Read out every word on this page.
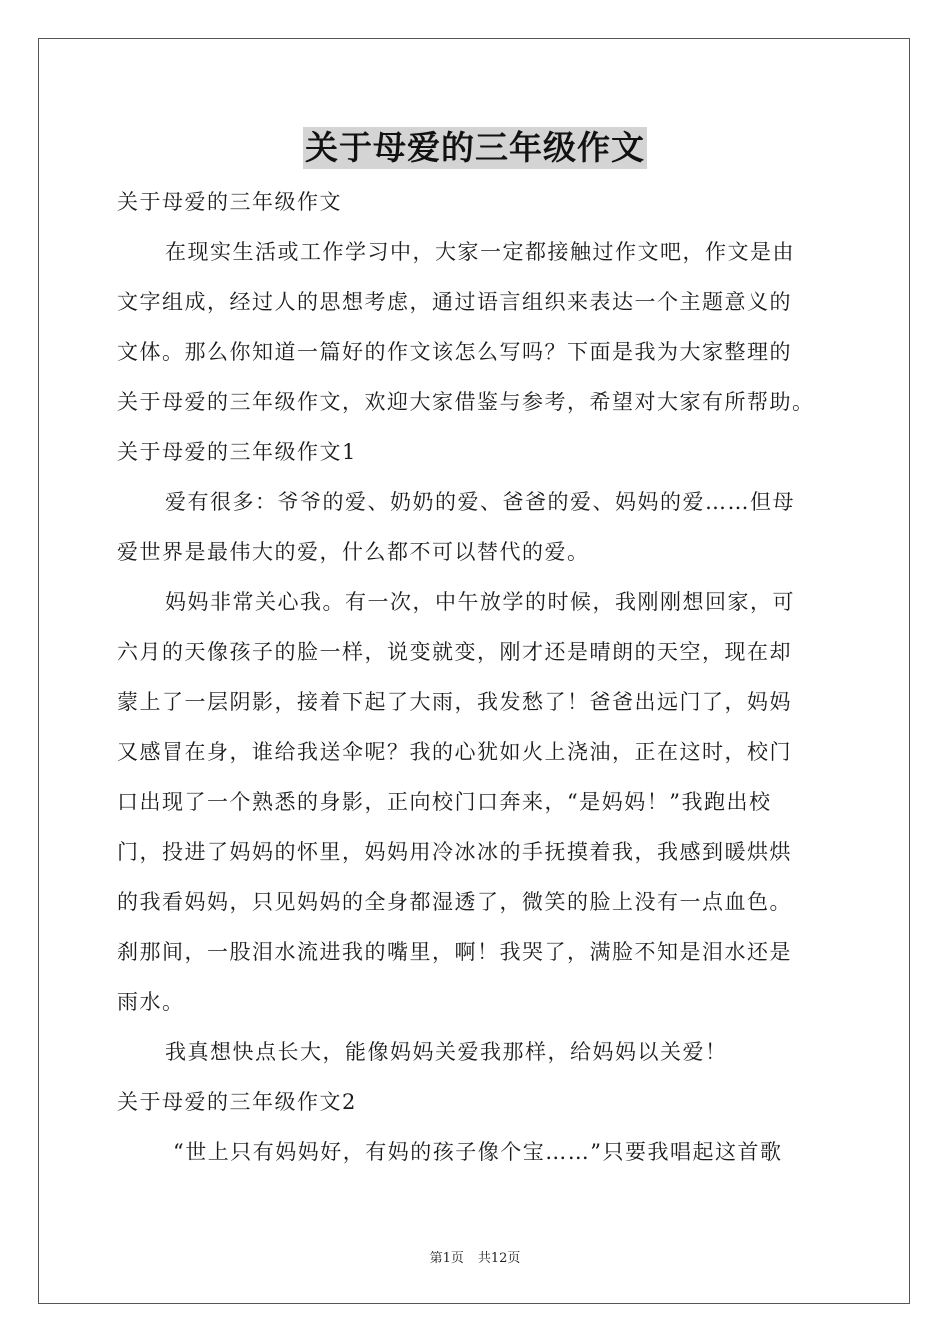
关于母爱的三年级作文

关于母爱的三年级作文

在现实生活或工作学习中，大家一定都接触过作文吧，作文是由

文字组成，经过人的思想考虑，通过语言组织来表达一个主题意义的

文体。那么你知道一篇好的作文该怎么写吗？下面是我为大家整理的

关于母爱的三年级作文，欢迎大家借鉴与参考，希望对大家有所帮助。

关于母爱的三年级作文1

爱有很多：爷爷的爱、奶奶的爱、爸爸的爱、妈妈的爱……但母

爱世界是最伟大的爱，什么都不可以替代的爱。

妈妈非常关心我。有一次，中午放学的时候，我刚刚想回家，可

六月的天像孩子的脸一样，说变就变，刚才还是晴朗的天空，现在却

蒙上了一层阴影，接着下起了大雨，我发愁了！爸爸出远门了，妈妈

又感冒在身，谁给我送伞呢？我的心犹如火上浇油，正在这时，校门

口出现了一个熟悉的身影，正向校门口奔来，“是妈妈！”我跑出校

门，投进了妈妈的怀里，妈妈用冷冰冰的手抚摸着我，我感到暖烘烘

的我看妈妈，只见妈妈的全身都湿透了，微笑的脸上没有一点血色。

刹那间，一股泪水流进我的嘴里，啊！我哭了，满脸不知是泪水还是

雨水。

我真想快点长大，能像妈妈关爱我那样，给妈妈以关爱！

关于母爱的三年级作文2

“世上只有妈妈好，有妈的孩子像个宝……”只要我唱起这首歌

第1页 共12页
